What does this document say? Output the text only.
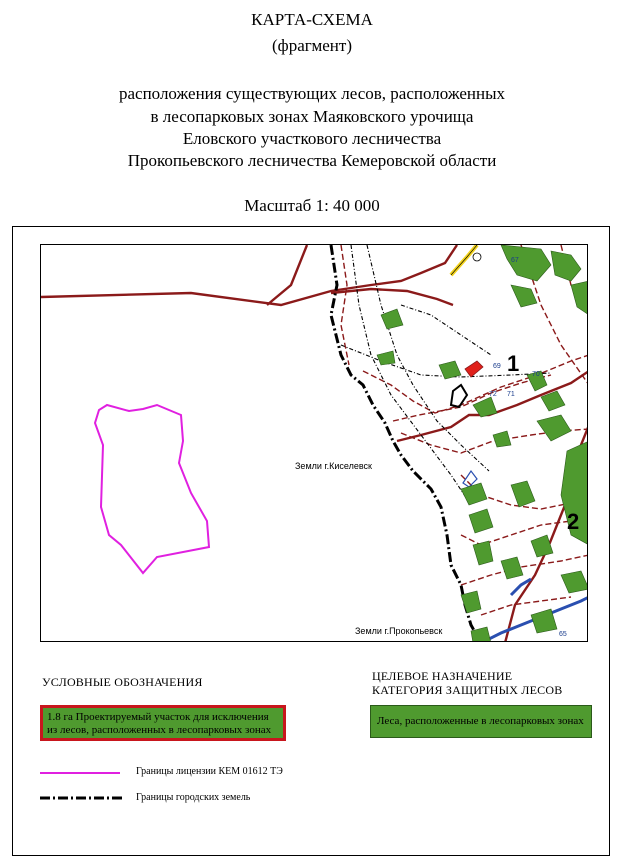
КАРТА-СХЕМА
(фрагмент)
расположения существующих лесов, расположенных
в лесопарковых зонах Маяковского урочища
Еловского участкового лесничества
Прокопьевского лесничества Кемеровской области
Масштаб 1: 40 000
1
2
67
69
70
71
72
65
Земли г.Киселевск
Земли г.Прокопьевск
УСЛОВНЫЕ ОБОЗНАЧЕНИЯ
1.8 га Проектируемый участок для исключения из лесов, расположенных в лесопарковых зонах
ЦЕЛЕВОЕ НАЗНАЧЕНИЕ
КАТЕГОРИЯ ЗАЩИТНЫХ ЛЕСОВ
Леса, расположенные в лесопарковых зонах
Границы лицензии КЕМ 01612 ТЭ
Границы городских земель
